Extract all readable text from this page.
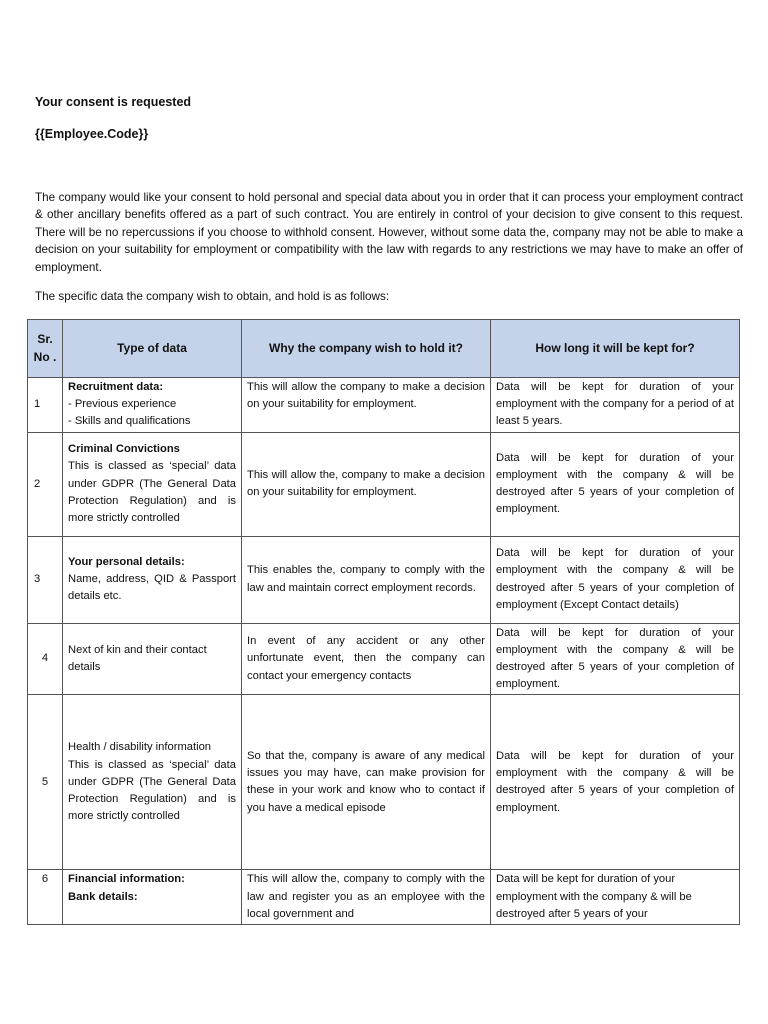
Your consent is requested
{{Employee.Code}}

The company would like your consent to hold personal and special data about you in order that it can process your employment contract & other ancillary benefits offered as a part of such contract. You are entirely in control of your decision to give consent to this request. There will be no repercussions if you choose to withhold consent. However, without some data the, company may not be able to make a decision on your suitability for employment or compatibility with the law with regards to any restrictions we may have to make an offer of employment.

The specific data the company wish to obtain, and hold is as follows:

Sr. No .	Type of data	Why the company wish to hold it?	How long it will be kept for?
1	Recruitment data:
- Previous experience
- Skills and qualifications	This will allow the company to make a decision on your suitability for employment.	Data will be kept for duration of your employment with the company for a period of at least 5 years.
2	Criminal Convictions
This is classed as ‘special’ data under GDPR (The General Data Protection Regulation) and is more strictly controlled	This will allow the, company to make a decision on your suitability for employment.	Data will be kept for duration of your employment with the company & will be destroyed after 5 years of your completion of employment.
3	Your personal details:
Name, address, QID & Passport details etc.	This enables the, company to comply with the law and maintain correct employment records.	Data will be kept for duration of your employment with the company & will be destroyed after 5 years of your completion of employment (Except Contact details)
4	Next of kin and their contact details	In event of any accident or any other unfortunate event, then the company can contact your emergency contacts	Data will be kept for duration of your employment with the company & will be destroyed after 5 years of your completion of employment.
5	Health / disability information
This is classed as ‘special’ data under GDPR (The General Data Protection Regulation) and is more strictly controlled	So that the, company is aware of any medical issues you may have, can make provision for these in your work and know who to contact if you have a medical episode	Data will be kept for duration of your employment with the company & will be destroyed after 5 years of your completion of employment.
6	Financial information:
Bank details:	This will allow the, company to comply with the law and register you as an employee with the local government and	Data will be kept for duration of your employment with the company & will be destroyed after 5 years of your
